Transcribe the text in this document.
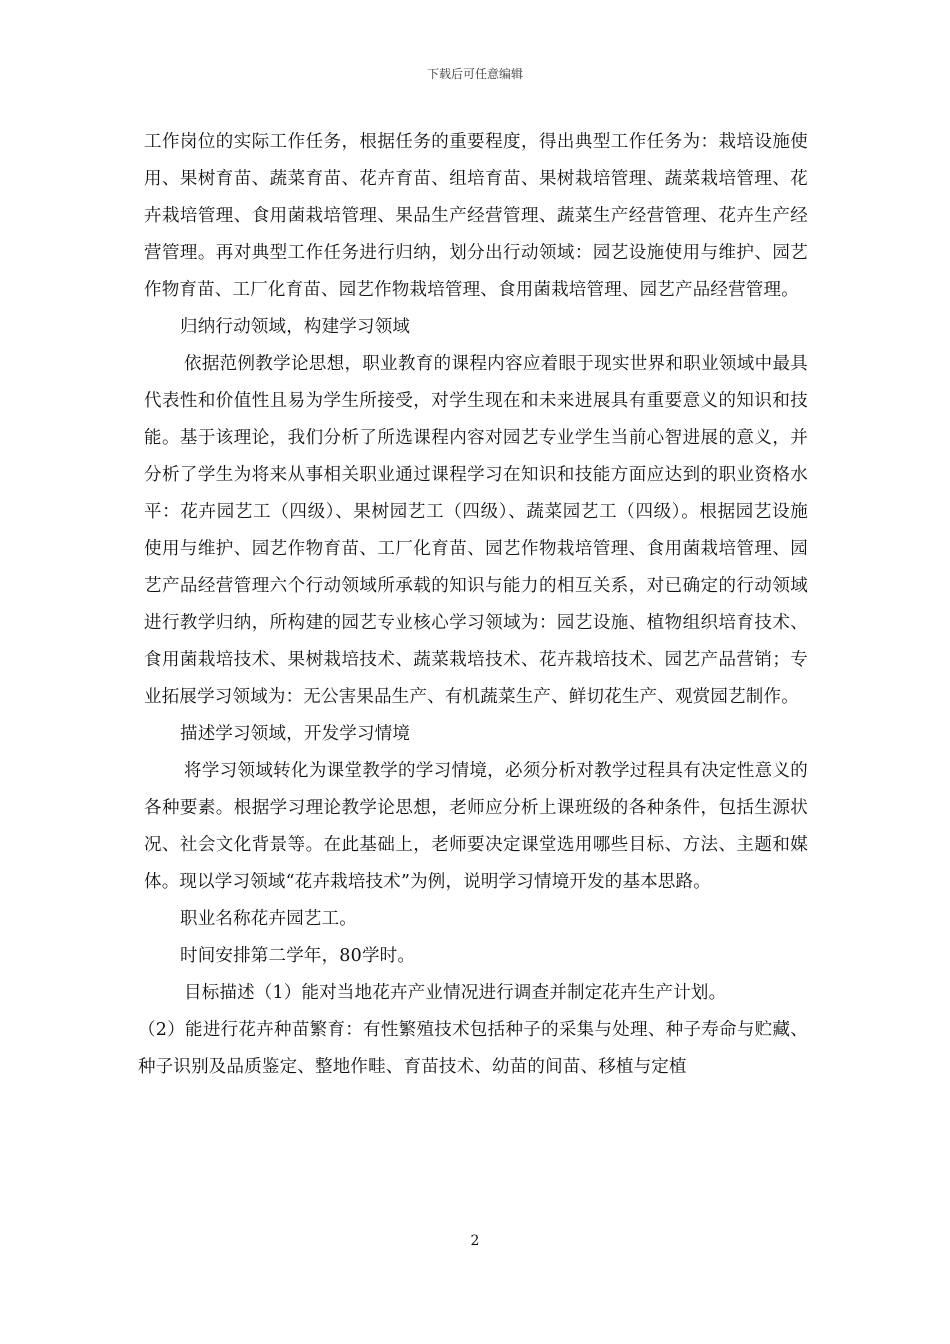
下载后可任意编辑

工作岗位的实际工作任务，根据任务的重要程度，得出典型工作任务为：栽培设施使用、果树育苗、蔬菜育苗、花卉育苗、组培育苗、果树栽培管理、蔬菜栽培管理、花卉栽培管理、食用菌栽培管理、果品生产经营管理、蔬菜生产经营管理、花卉生产经营管理。再对典型工作任务进行归纳，划分出行动领域：园艺设施使用与维护、园艺作物育苗、工厂化育苗、园艺作物栽培管理、食用菌栽培管理、园艺产品经营管理。

归纳行动领域，构建学习领域

依据范例教学论思想，职业教育的课程内容应着眼于现实世界和职业领域中最具代表性和价值性且易为学生所接受，对学生现在和未来进展具有重要意义的知识和技能。基于该理论，我们分析了所选课程内容对园艺专业学生当前心智进展的意义，并分析了学生为将来从事相关职业通过课程学习在知识和技能方面应达到的职业资格水平：花卉园艺工（四级）、果树园艺工（四级）、蔬菜园艺工（四级）。根据园艺设施使用与维护、园艺作物育苗、工厂化育苗、园艺作物栽培管理、食用菌栽培管理、园艺产品经营管理六个行动领域所承载的知识与能力的相互关系，对已确定的行动领域进行教学归纳，所构建的园艺专业核心学习领域为：园艺设施、植物组织培育技术、食用菌栽培技术、果树栽培技术、蔬菜栽培技术、花卉栽培技术、园艺产品营销；专业拓展学习领域为：无公害果品生产、有机蔬菜生产、鲜切花生产、观赏园艺制作。

描述学习领域，开发学习情境

将学习领域转化为课堂教学的学习情境，必须分析对教学过程具有决定性意义的各种要素。根据学习理论教学论思想，老师应分析上课班级的各种条件，包括生源状况、社会文化背景等。在此基础上，老师要决定课堂选用哪些目标、方法、主题和媒体。现以学习领域“花卉栽培技术”为例，说明学习情境开发的基本思路。

职业名称花卉园艺工。

时间安排第二学年，80学时。

目标描述（1）能对当地花卉产业情况进行调查并制定花卉生产计划。

（2）能进行花卉种苗繁育：有性繁殖技术包括种子的采集与处理、种子寿命与贮藏、种子识别及品质鉴定、整地作畦、育苗技术、幼苗的间苗、移植与定植

2
